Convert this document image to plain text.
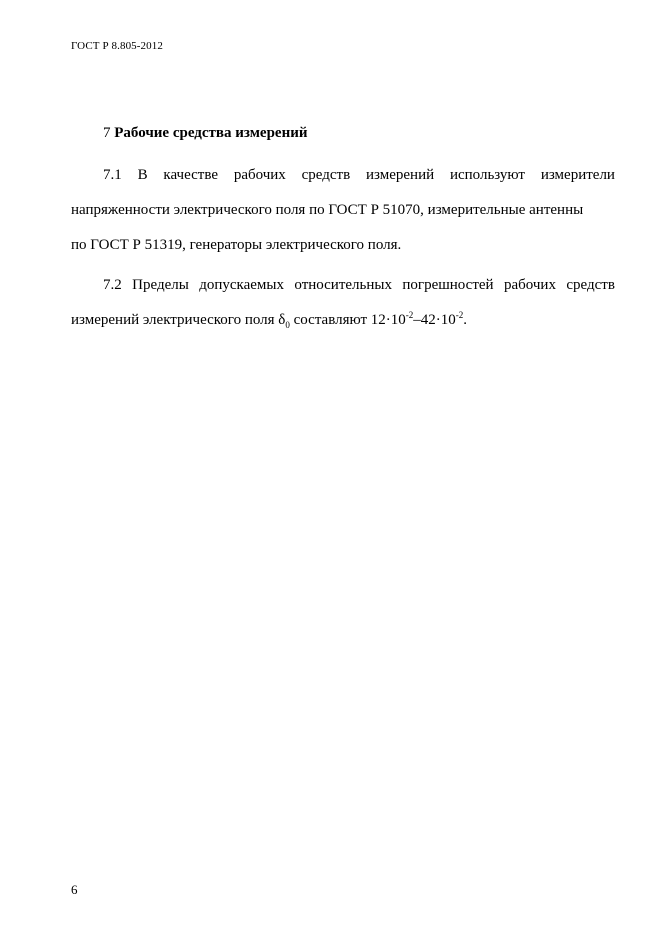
ГОСТ Р 8.805-2012
7 Рабочие средства измерений
7.1 В качестве рабочих средств измерений используют измерители
напряженности электрического поля по ГОСТ Р 51070, измерительные антенны
по ГОСТ Р 51319, генераторы электрического поля.
7.2 Пределы допускаемых относительных погрешностей рабочих средств
измерений электрического поля $\delta_0$ составляют $12\cdot 10^{-2}-42\cdot 10^{-2}$.
6
